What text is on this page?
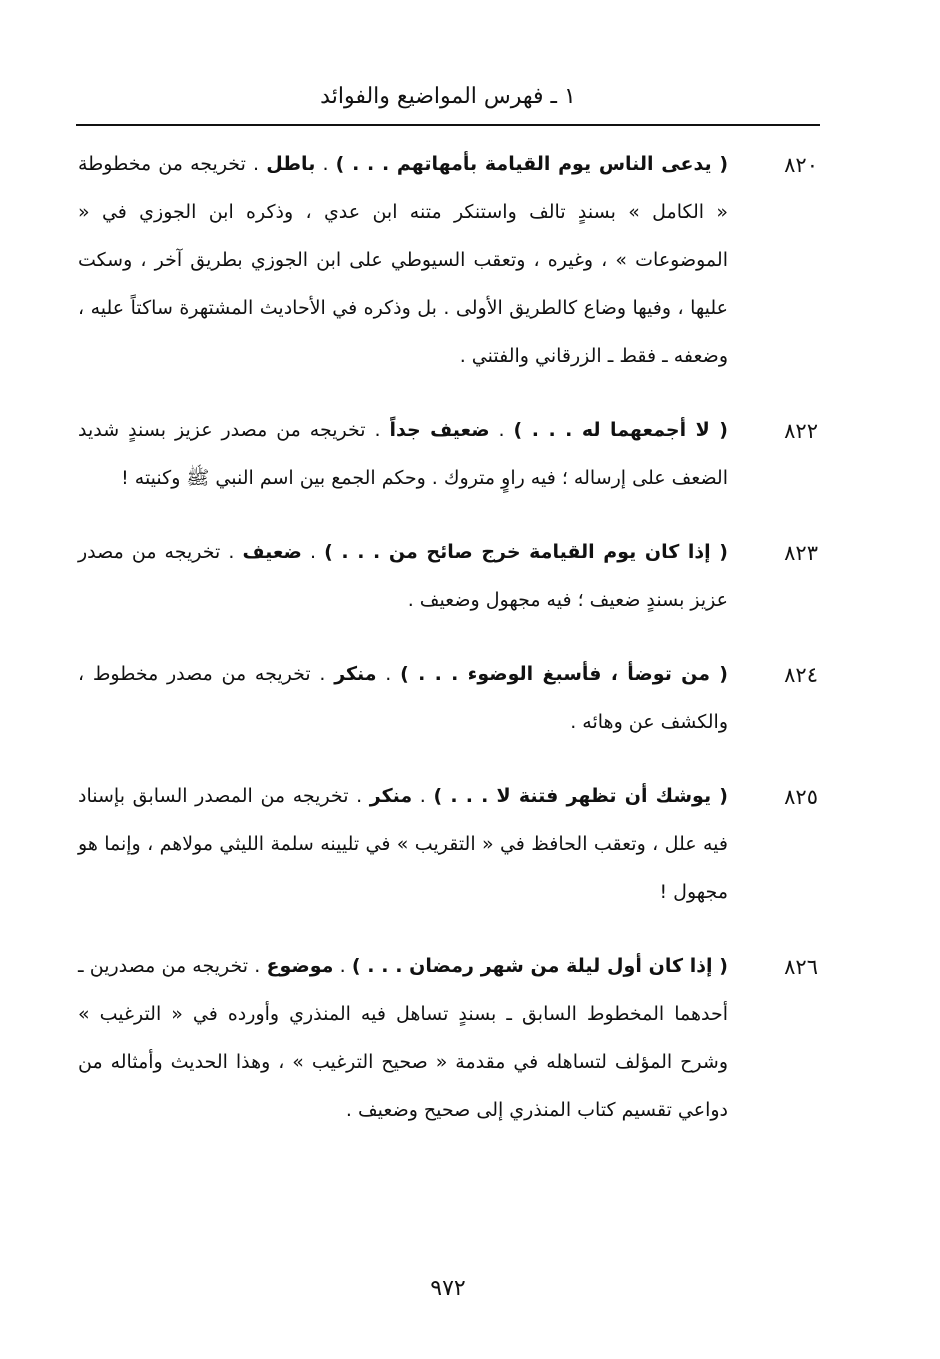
١ ـ فهرس المواضيع والفوائد
٨٢٠
( يدعى الناس يوم القيامة بأمهاتهم . . . ) . باطل . تخريجه من مخطوطة « الكامل » بسندٍ تالف واستنكر متنه ابن عدي ، وذكره ابن الجوزي في « الموضوعات » ، وغيره ، وتعقب السيوطي على ابن الجوزي بطريق آخر ، وسكت عليها ، وفيها وضاع كالطريق الأولى . بل وذكره في الأحاديث المشتهرة ساكتاً عليه ، وضعفه ـ فقط ـ الزرقاني والفتني .
٨٢٢
( لا أجمعهما له . . . ) . ضعيف جداً . تخريجه من مصدر عزيز بسندٍ شديد الضعف على إرساله ؛ فيه راوٍ متروك . وحكم الجمع بين اسم النبي ﷺ وكنيته !
٨٢٣
( إذا كان يوم القيامة خرج صائح من . . . ) . ضعيف . تخريجه من مصدر عزيز بسندٍ ضعيف ؛ فيه مجهول وضعيف .
٨٢٤
( من توضأ ، فأسبغ الوضوء . . . ) . منكر . تخريجه من مصدر مخطوط ، والكشف عن وهائه .
٨٢٥
( يوشك أن تظهر فتنة لا . . . ) . منكر . تخريجه من المصدر السابق بإسناد فيه علل ، وتعقب الحافظ في « التقريب » في تليينه سلمة الليثي مولاهم ، وإنما هو مجهول !
٨٢٦
( إذا كان أول ليلة من شهر رمضان . . . ) . موضوع . تخريجه من مصدرين ـ أحدهما المخطوط السابق ـ بسندٍ تساهل فيه المنذري وأورده في « الترغيب » وشرح المؤلف لتساهله في مقدمة « صحيح الترغيب » ، وهذا الحديث وأمثاله من دواعي تقسيم كتاب المنذري إلى صحيح وضعيف .
٩٧٢
